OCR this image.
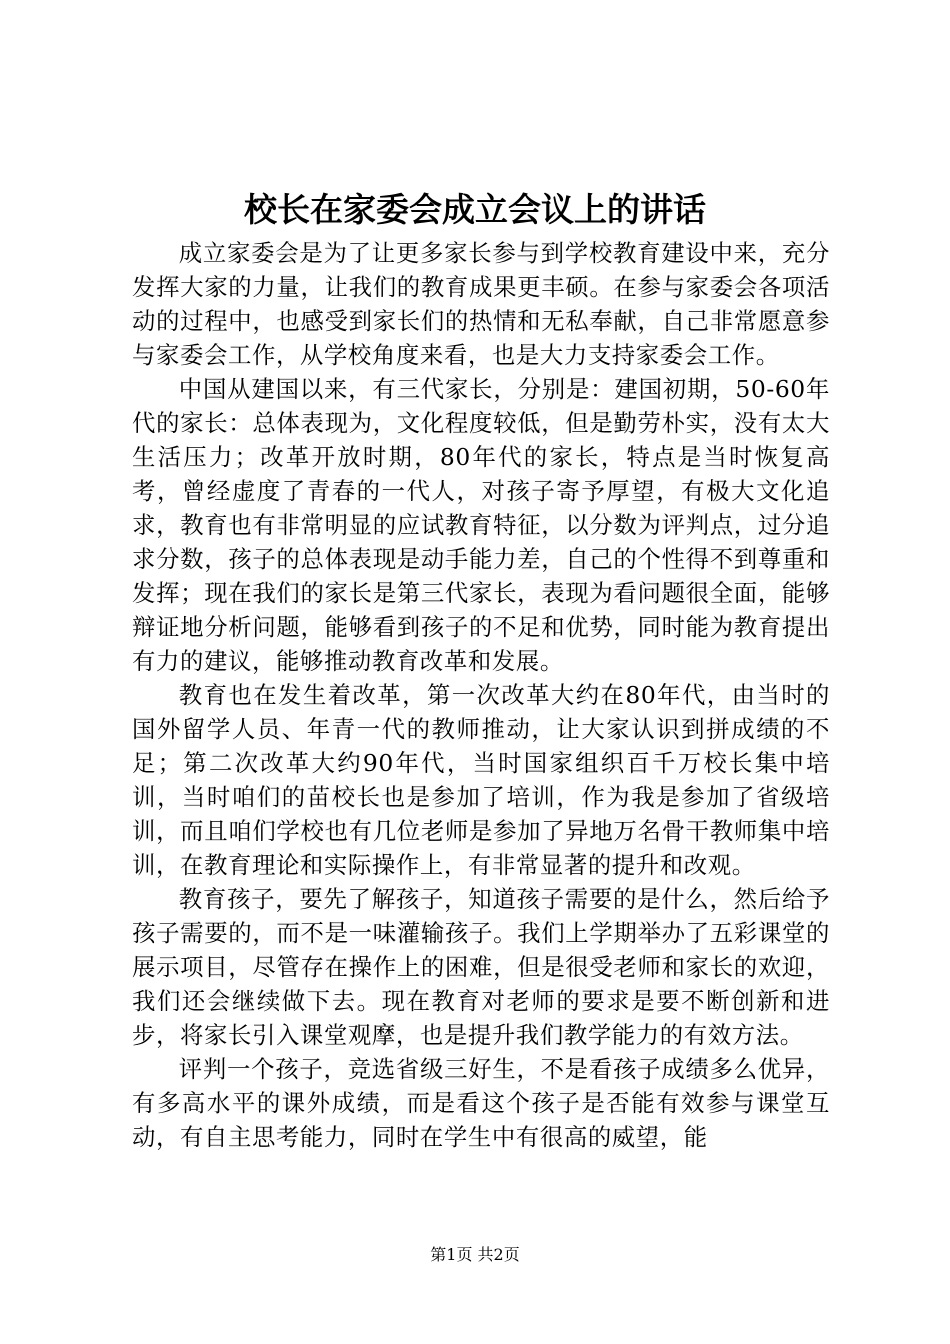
校长在家委会成立会议上的讲话

成立家委会是为了让更多家长参与到学校教育建设中来，充分发挥大家的力量，让我们的教育成果更丰硕。在参与家委会各项活动的过程中，也感受到家长们的热情和无私奉献，自己非常愿意参与家委会工作，从学校角度来看，也是大力支持家委会工作。

中国从建国以来，有三代家长，分别是：建国初期，50-60年代的家长：总体表现为，文化程度较低，但是勤劳朴实，没有太大生活压力；改革开放时期，80年代的家长，特点是当时恢复高考，曾经虚度了青春的一代人，对孩子寄予厚望，有极大文化追求，教育也有非常明显的应试教育特征，以分数为评判点，过分追求分数，孩子的总体表现是动手能力差，自己的个性得不到尊重和发挥；现在我们的家长是第三代家长，表现为看问题很全面，能够辩证地分析问题，能够看到孩子的不足和优势，同时能为教育提出有力的建议，能够推动教育改革和发展。

教育也在发生着改革，第一次改革大约在80年代，由当时的国外留学人员、年青一代的教师推动，让大家认识到拼成绩的不足；第二次改革大约90年代，当时国家组织百千万校长集中培训，当时咱们的苗校长也是参加了培训，作为我是参加了省级培训，而且咱们学校也有几位老师是参加了异地万名骨干教师集中培训，在教育理论和实际操作上，有非常显著的提升和改观。

教育孩子，要先了解孩子，知道孩子需要的是什么，然后给予孩子需要的，而不是一味灌输孩子。我们上学期举办了五彩课堂的展示项目，尽管存在操作上的困难，但是很受老师和家长的欢迎，我们还会继续做下去。现在教育对老师的要求是要不断创新和进步，将家长引入课堂观摩，也是提升我们教学能力的有效方法。

评判一个孩子，竞选省级三好生，不是看孩子成绩多么优异，有多高水平的课外成绩，而是看这个孩子是否能有效参与课堂互动，有自主思考能力，同时在学生中有很高的威望，能

第1页 共2页
